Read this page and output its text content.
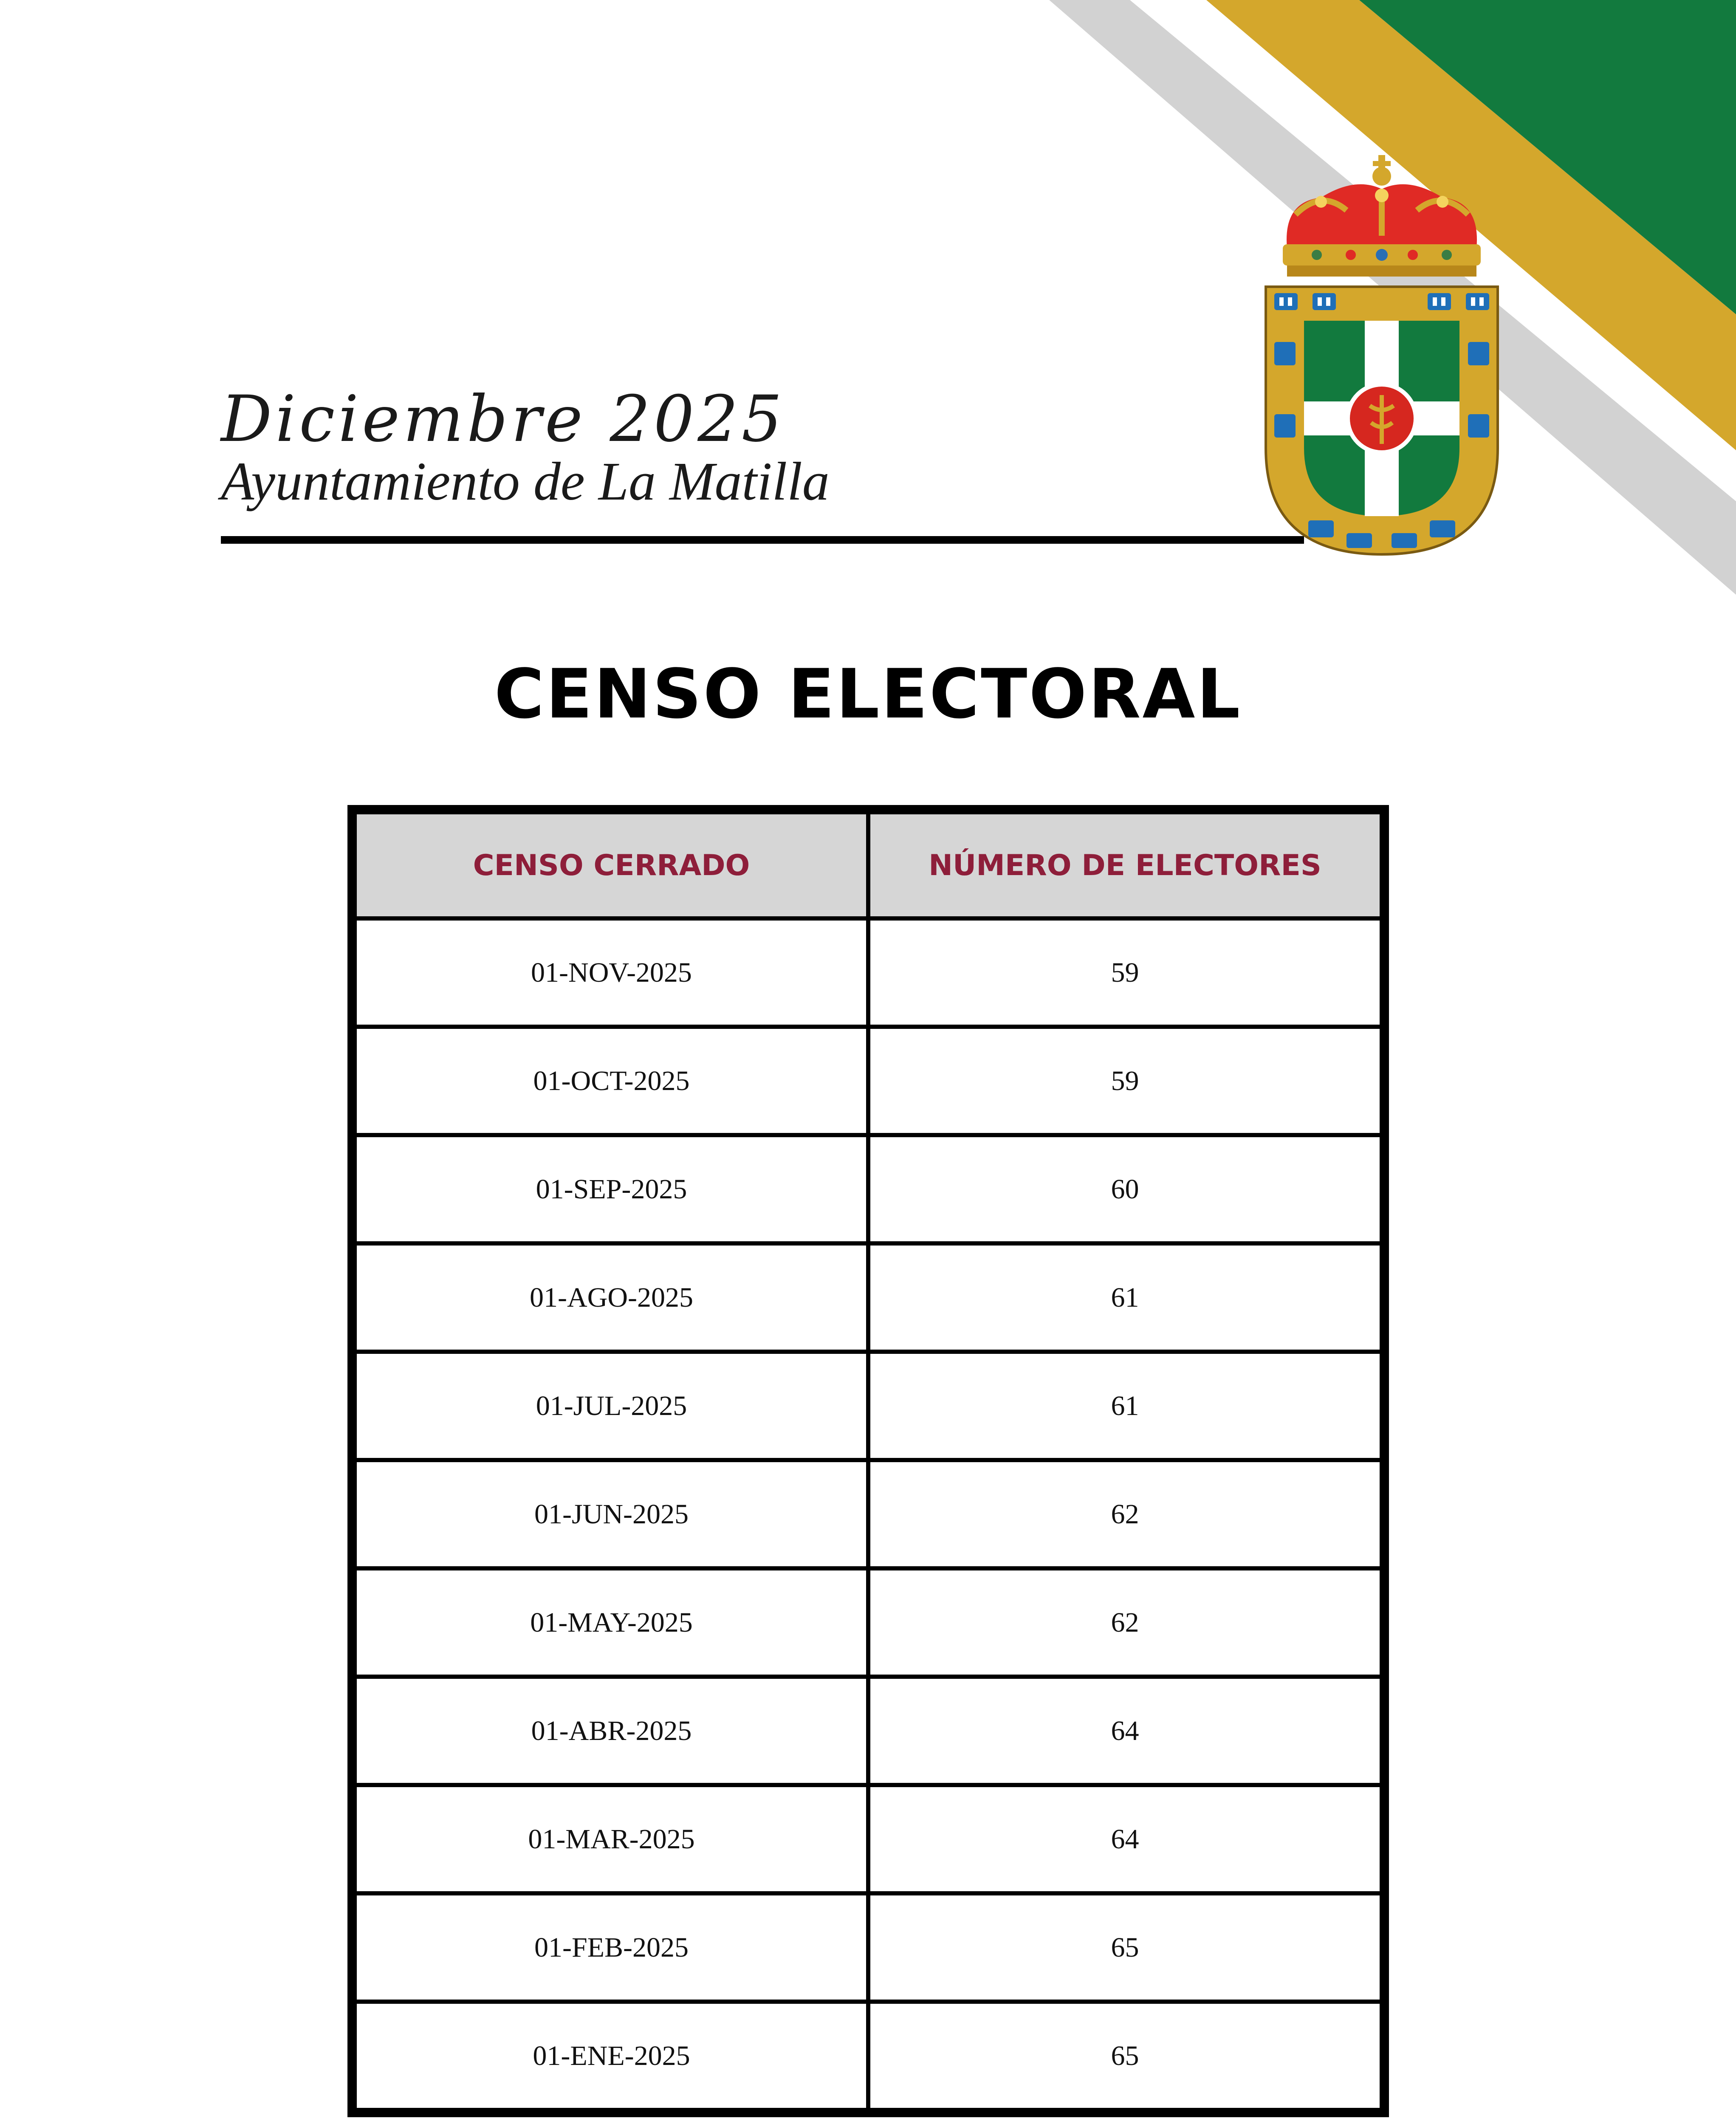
Diciembre 2025
Ayuntamiento de La Matilla
CENSO ELECTORAL
CENSO CERRADO	NÚMERO DE ELECTORES
01-NOV-2025	59
01-OCT-2025	59
01-SEP-2025	60
01-AGO-2025	61
01-JUL-2025	61
01-JUN-2025	62
01-MAY-2025	62
01-ABR-2025	64
01-MAR-2025	64
01-FEB-2025	65
01-ENE-2025	65
